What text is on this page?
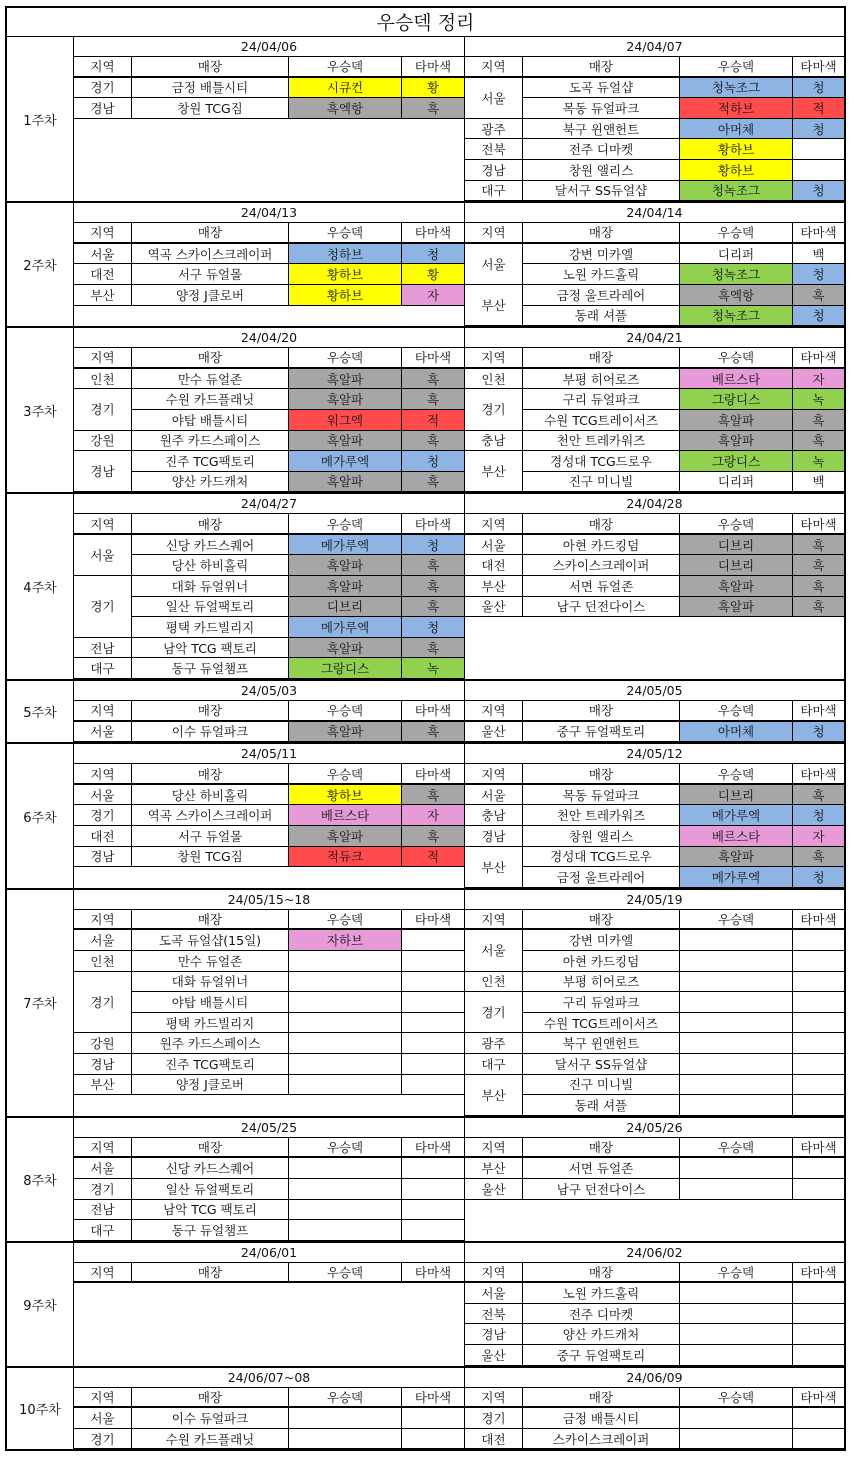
우승덱 정리
1주차
24/04/06
지역	매장	우승덱	타마색
경기	금정 배틀시티	시큐컨	황
경남	창원 TCG짐	흑엑항	흑
24/04/07
지역	매장	우승덱	타마색
서울
도곡 듀얼샵	청녹조그	청
목동 듀얼파크	적하브	적
광주	북구 윈앤헌트	아머체	청
전북	전주 디마켓	황하브
경남	창원 앨리스	황하브
대구	달서구 SS듀얼샵	청녹조그	청
2주차
24/04/13
지역	매장	우승덱	타마색
서울	역곡 스카이스크레이퍼	청하브	청
대전	서구 듀얼몰	황하브	황
부산	양정 J클로버	황하브	자
24/04/14
지역	매장	우승덱	타마색
서울
강변 미카엘	디리퍼	백
노원 카드홀릭	청녹조그	청
부산
금정 울트라레어	흑엑항	흑
동래 셔플	청녹조그	청
3주차
24/04/20
지역	매장	우승덱	타마색
인천	만수 듀얼존	흑알파	흑
경기
수원 카드플래닛	흑알파	흑
야탑 배틀시티	워그엑	적
강원	원주 카드스페이스	흑알파	흑
경남
진주 TCG팩토리	메가루엑	청
양산 카드캐처	흑알파	흑
24/04/21
지역	매장	우승덱	타마색
인천	부평 히어로즈	베르스타	자
경기
구리 듀얼파크	그랑디스	녹
수원 TCG트레이서즈	흑알파	흑
충남	천안 트레카워즈	흑알파	흑
부산
경성대 TCG드로우	그랑디스	녹
진구 미니빌	디리퍼	백
4주차
24/04/27
지역	매장	우승덱	타마색
서울
신당 카드스퀘어	메가루엑	청
당산 하비홀릭	흑알파	흑
경기
대화 듀얼위너	흑알파	흑
일산 듀얼팩토리	디브리	흑
평택 카드빌리지	메가루엑	청
전남	남악 TCG 팩토리	흑알파	흑
대구	동구 듀얼챔프	그랑디스	녹
24/04/28
지역	매장	우승덱	타마색
서울	아현 카드킹덤	디브리	흑
대전	스카이스크레이퍼	디브리	흑
부산	서면 듀얼존	흑알파	흑
울산	남구 던전다이스	흑알파	흑
5주차
24/05/03
지역	매장	우승덱	타마색
서울	이수 듀얼파크	흑알파	흑
24/05/05
지역	매장	우승덱	타마색
울산	중구 듀얼팩토리	아머체	청
6주차
24/05/11
지역	매장	우승덱	타마색
서울	당산 하비홀릭	황하브	흑
경기	역곡 스카이스크레이퍼	베르스타	자
대전	서구 듀얼몰	흑알파	흑
경남	창원 TCG짐	적듀크	적
24/05/12
지역	매장	우승덱	타마색
서울	목동 듀얼파크	디브리	흑
충남	천안 트레카워즈	메가루엑	청
경남	창원 앨리스	베르스타	자
부산
경성대 TCG드로우	흑알파	흑
금정 울트라레어	메가루엑	청
7주차
24/05/15~18
지역	매장	우승덱	타마색
서울	도곡 듀얼샵(15일)	자하브
인천	만수 듀얼존
경기
대화 듀얼위너
야탑 배틀시티
평택 카드빌리지
강원	원주 카드스페이스
경남	진주 TCG팩토리
부산	양정 J클로버
24/05/19
지역	매장	우승덱	타마색
서울
강변 미카엘
아현 카드킹덤
인천	부평 히어로즈
경기
구리 듀얼파크
수원 TCG트레이서즈
광주	북구 윈앤헌트
대구	달서구 SS듀얼샵
부산
진구 미니빌
동래 셔플
8주차
24/05/25
지역	매장	우승덱	타마색
서울	신당 카드스퀘어
경기	일산 듀얼팩토리
전남	남악 TCG 팩토리
대구	동구 듀얼챔프
24/05/26
지역	매장	우승덱	타마색
부산	서면 듀얼존
울산	남구 던전다이스
9주차
24/06/01
지역	매장	우승덱	타마색
24/06/02
지역	매장	우승덱	타마색
서울	노원 카드홀릭
전북	전주 디마켓
경남	양산 카드캐처
울산	중구 듀얼팩토리
10주차
24/06/07~08
지역	매장	우승덱	타마색
서울	이수 듀얼파크
경기	수원 카드플래닛
24/06/09
지역	매장	우승덱	타마색
경기	금정 배틀시티
대전	스카이스크레이퍼
